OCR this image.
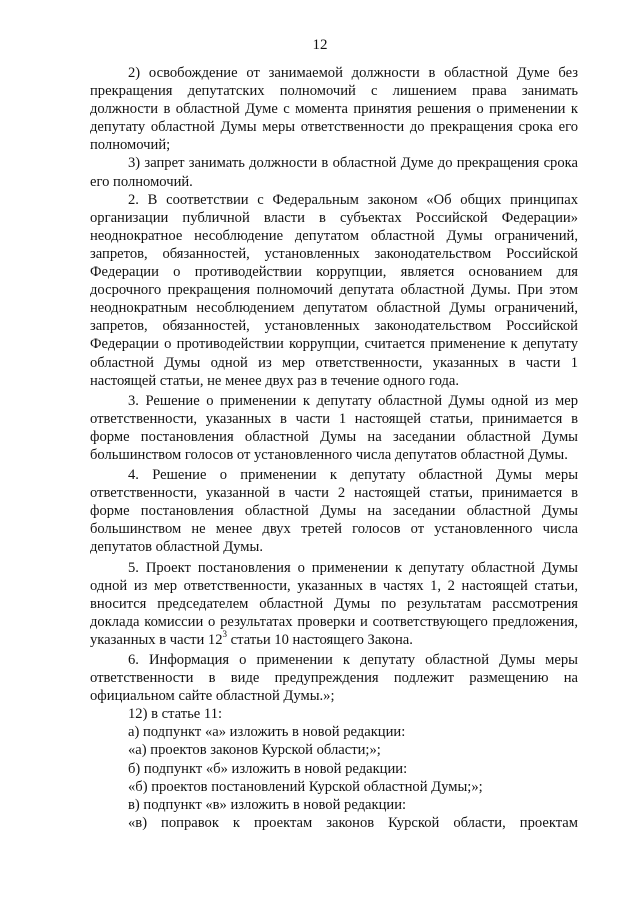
12

2) освобождение от занимаемой должности в областной Думе без прекращения депутатских полномочий с лишением права занимать должности в областной Думе с момента принятия решения о применении к депутату областной Думы меры ответственности до прекращения срока его полномочий;

3) запрет занимать должности в областной Думе до прекращения срока его полномочий.

2. В соответствии с Федеральным законом «Об общих принципах организации публичной власти в субъектах Российской Федерации» неоднократное несоблюдение депутатом областной Думы ограничений, запретов, обязанностей, установленных законодательством Российской Федерации о противодействии коррупции, является основанием для досрочного прекращения полномочий депутата областной Думы. При этом неоднократным несоблюдением депутатом областной Думы ограничений, запретов, обязанностей, установленных законодательством Российской Федерации о противодействии коррупции, считается применение к депутату областной Думы одной из мер ответственности, указанных в части 1 настоящей статьи, не менее двух раз в течение одного года.

3. Решение о применении к депутату областной Думы одной из мер ответственности, указанных в части 1 настоящей статьи, принимается в форме постановления областной Думы на заседании областной Думы большинством голосов от установленного числа депутатов областной Думы.

4. Решение о применении к депутату областной Думы меры ответственности, указанной в части 2 настоящей статьи, принимается в форме постановления областной Думы на заседании областной Думы большинством не менее двух третей голосов от установленного числа депутатов областной Думы.

5. Проект постановления о применении к депутату областной Думы одной из мер ответственности, указанных в частях 1, 2 настоящей статьи, вносится председателем областной Думы по результатам рассмотрения доклада комиссии о результатах проверки и соответствующего предложения, указанных в части $12^3$ статьи 10 настоящего Закона.

6. Информация о применении к депутату областной Думы меры ответственности в виде предупреждения подлежит размещению на официальном сайте областной Думы.»;

12) в статье 11:

а) подпункт «а» изложить в новой редакции:

«а) проектов законов Курской области;»;

б) подпункт «б» изложить в новой редакции:

«б) проектов постановлений Курской областной Думы;»;

в) подпункт «в» изложить в новой редакции:

«в) поправок к проектам законов Курской области, проектам
